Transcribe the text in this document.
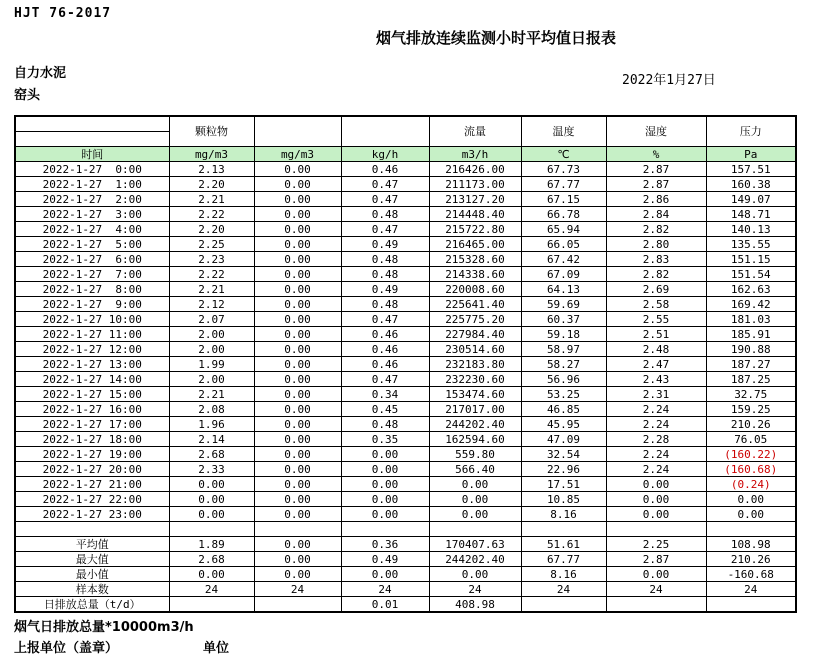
HJT 76-2017
烟气排放连续监测小时平均值日报表
自力水泥
窑头
2022年1月27日
	颗粒物			流量	温度	湿度	压力

时间	mg/m3	mg/m3	kg/h	m3/h	℃	%	Pa
2022-1-27  0:00	2.13	0.00	0.46	216426.00	67.73	2.87	157.51
2022-1-27  1:00	2.20	0.00	0.47	211173.00	67.77	2.87	160.38
2022-1-27  2:00	2.21	0.00	0.47	213127.20	67.15	2.86	149.07
2022-1-27  3:00	2.22	0.00	0.48	214448.40	66.78	2.84	148.71
2022-1-27  4:00	2.20	0.00	0.47	215722.80	65.94	2.82	140.13
2022-1-27  5:00	2.25	0.00	0.49	216465.00	66.05	2.80	135.55
2022-1-27  6:00	2.23	0.00	0.48	215328.60	67.42	2.83	151.15
2022-1-27  7:00	2.22	0.00	0.48	214338.60	67.09	2.82	151.54
2022-1-27  8:00	2.21	0.00	0.49	220008.60	64.13	2.69	162.63
2022-1-27  9:00	2.12	0.00	0.48	225641.40	59.69	2.58	169.42
2022-1-27 10:00	2.07	0.00	0.47	225775.20	60.37	2.55	181.03
2022-1-27 11:00	2.00	0.00	0.46	227984.40	59.18	2.51	185.91
2022-1-27 12:00	2.00	0.00	0.46	230514.60	58.97	2.48	190.88
2022-1-27 13:00	1.99	0.00	0.46	232183.80	58.27	2.47	187.27
2022-1-27 14:00	2.00	0.00	0.47	232230.60	56.96	2.43	187.25
2022-1-27 15:00	2.21	0.00	0.34	153474.60	53.25	2.31	32.75
2022-1-27 16:00	2.08	0.00	0.45	217017.00	46.85	2.24	159.25
2022-1-27 17:00	1.96	0.00	0.48	244202.40	45.95	2.24	210.26
2022-1-27 18:00	2.14	0.00	0.35	162594.60	47.09	2.28	76.05
2022-1-27 19:00	2.68	0.00	0.00	559.80	32.54	2.24	(160.22)
2022-1-27 20:00	2.33	0.00	0.00	566.40	22.96	2.24	(160.68)
2022-1-27 21:00	0.00	0.00	0.00	0.00	17.51	0.00	(0.24)
2022-1-27 22:00	0.00	0.00	0.00	0.00	10.85	0.00	0.00
2022-1-27 23:00	0.00	0.00	0.00	0.00	8.16	0.00	0.00

平均值	1.89	0.00	0.36	170407.63	51.61	2.25	108.98
最大值	2.68	0.00	0.49	244202.40	67.77	2.87	210.26
最小值	0.00	0.00	0.00	0.00	8.16	0.00	-160.68
样本数	24	24	24	24	24	24	24
日排放总量（t/d）			0.01	408.98			
烟气日排放总量*10000m3/h
上报单位（盖章）	单位
